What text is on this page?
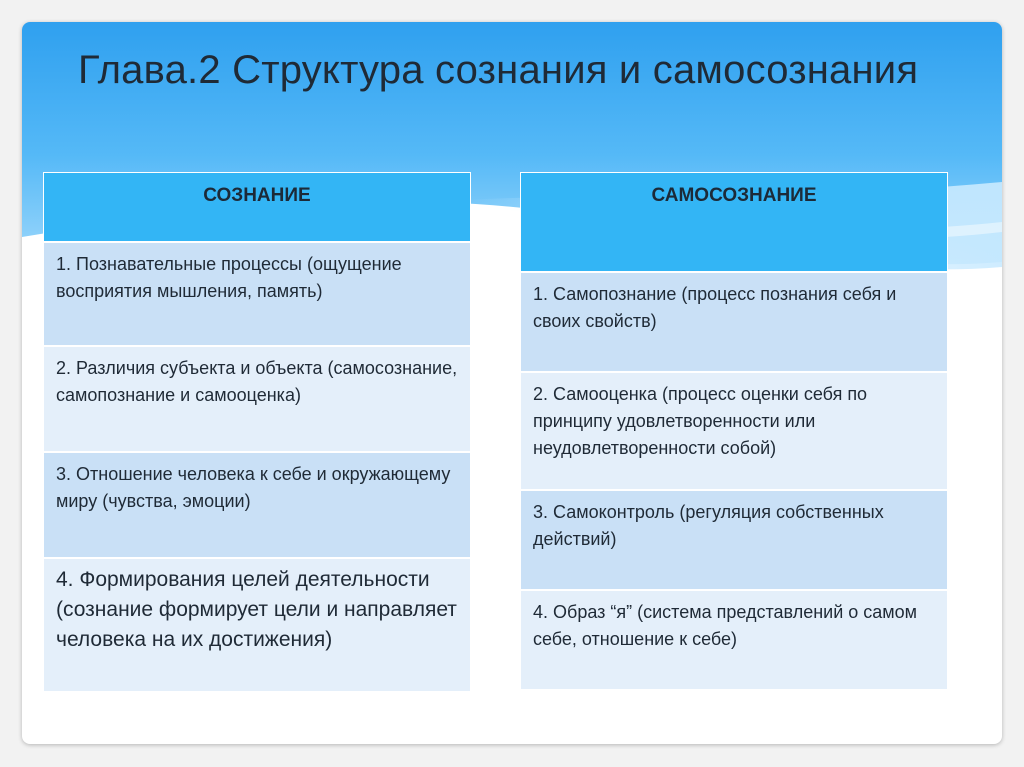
Глава.2 Структура сознания и самосознания
СОЗНАНИЕ
1. Познавательные процессы (ощущение восприятия мышления, память)
2. Различия субъекта и объекта (самосознание, самопознание и самооценка)
3. Отношение человека к себе и окружающему миру (чувства, эмоции)
4. Формирования целей деятельности (сознание формирует цели и направляет человека на их достижения)
САМОСОЗНАНИЕ
1. Самопознание (процесс познания себя и своих свойств)
2. Самооценка (процесс оценки себя по принципу удовлетворенности или неудовлетворенности собой)
3. Самоконтроль (регуляция собственных действий)
4. Образ “я” (система представлений о самом себе, отношение к себе)
